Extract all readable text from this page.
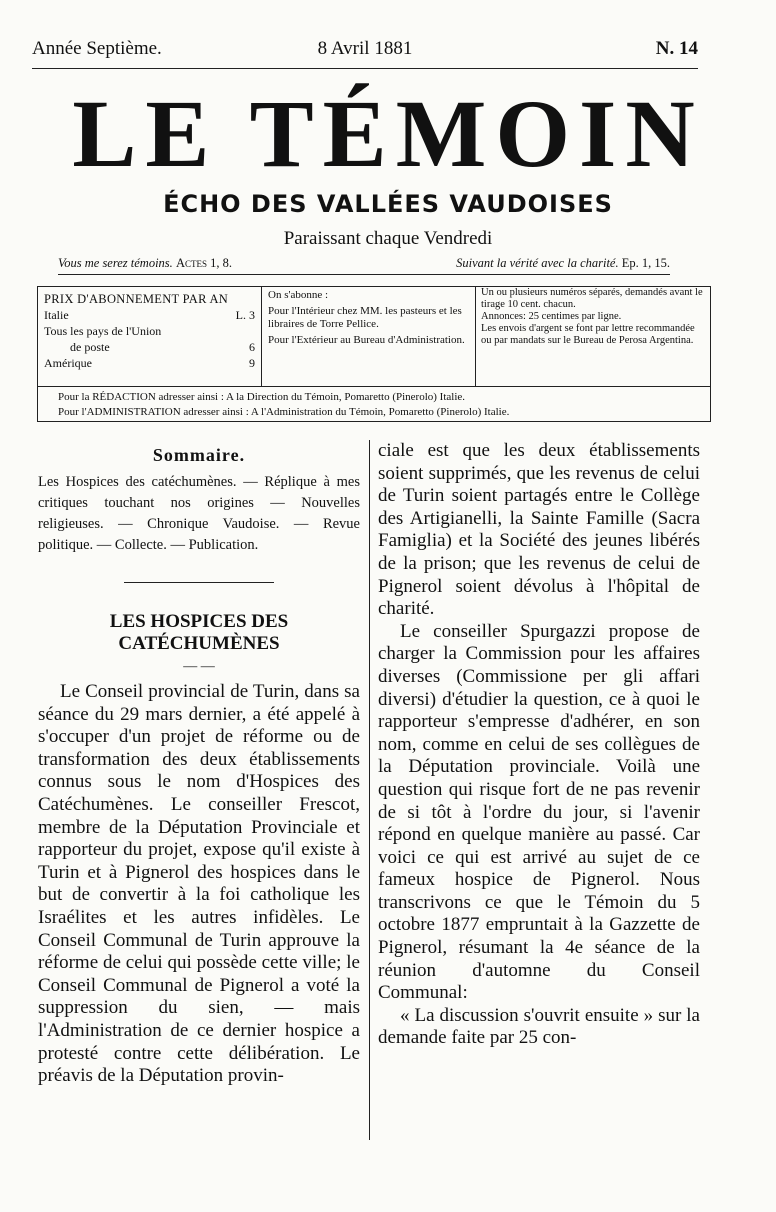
Année Septième.	8 Avril 1881	N. 14
LE TÉMOIN
ÉCHO DES VALLÉES VAUDOISES
Paraissant chaque Vendredi
Vous me serez témoins. Actes 1, 8.	Suivant la vérité avec la charité. Ep. 1, 15.
PRIX D'ABONNEMENT PAR AN
Italie	L. 3
Tous les pays de l'Union
de poste	6
Amérique	9
On s'abonne :
Pour l'Intérieur chez MM. les pasteurs et les libraires de Torre Pellice.
Pour l'Extérieur au Bureau d'Administration.
Un ou plusieurs numéros séparés, demandés avant le tirage 10 cent. chacun.
Annonces: 25 centimes par ligne.
Les envois d'argent se font par lettre recommandée ou par mandats sur le Bureau de Perosa Argentina.
Pour la RÉDACTION adresser ainsi : A la Direction du Témoin, Pomaretto (Pinerolo) Italie.
Pour l'ADMINISTRATION adresser ainsi : A l'Administration du Témoin, Pomaretto (Pinerolo) Italie.
Sommaire.
Les Hospices des catéchumènes. — Réplique à mes critiques touchant nos origines — Nouvelles religieuses. — Chronique Vaudoise. — Revue politique. — Collecte. — Publication.
LES HOSPICES DES CATÉCHUMÈNES
— —

Le Conseil provincial de Turin, dans sa séance du 29 mars dernier, a été appelé à s'occuper d'un projet de réforme ou de transformation des deux établissements connus sous le nom d'Hospices des Catéchumènes. Le conseiller Frescot, membre de la Députation Provinciale et rapporteur du projet, expose qu'il existe à Turin et à Pignerol des hospices dans le but de convertir à la foi catholique les Israélites et les autres infidèles. Le Conseil Communal de Turin approuve la réforme de celui qui possède cette ville; le Conseil Communal de Pignerol a voté la suppression du sien, — mais l'Administration de ce dernier hospice a protesté contre cette délibération. Le préavis de la Députation provin-

ciale est que les deux établissements soient supprimés, que les revenus de celui de Turin soient partagés entre le Collège des Artigianelli, la Sainte Famille (Sacra Famiglia) et la Société des jeunes libérés de la prison; que les revenus de celui de Pignerol soient dévolus à l'hôpital de charité.

Le conseiller Spurgazzi propose de charger la Commission pour les affaires diverses (Commissione per gli affari diversi) d'étudier la question, ce à quoi le rapporteur s'empresse d'adhérer, en son nom, comme en celui de ses collègues de la Députation provinciale. Voilà une question qui risque fort de ne pas revenir de si tôt à l'ordre du jour, si l'avenir répond en quelque manière au passé. Car voici ce qui est arrivé au sujet de ce fameux hospice de Pignerol. Nous transcrivons ce que le Témoin du 5 octobre 1877 empruntait à la Gazzette de Pignerol, résumant la 4e séance de la réunion d'automne du Conseil Communal:

« La discussion s'ouvrit ensuite » sur la demande faite par 25 con-
